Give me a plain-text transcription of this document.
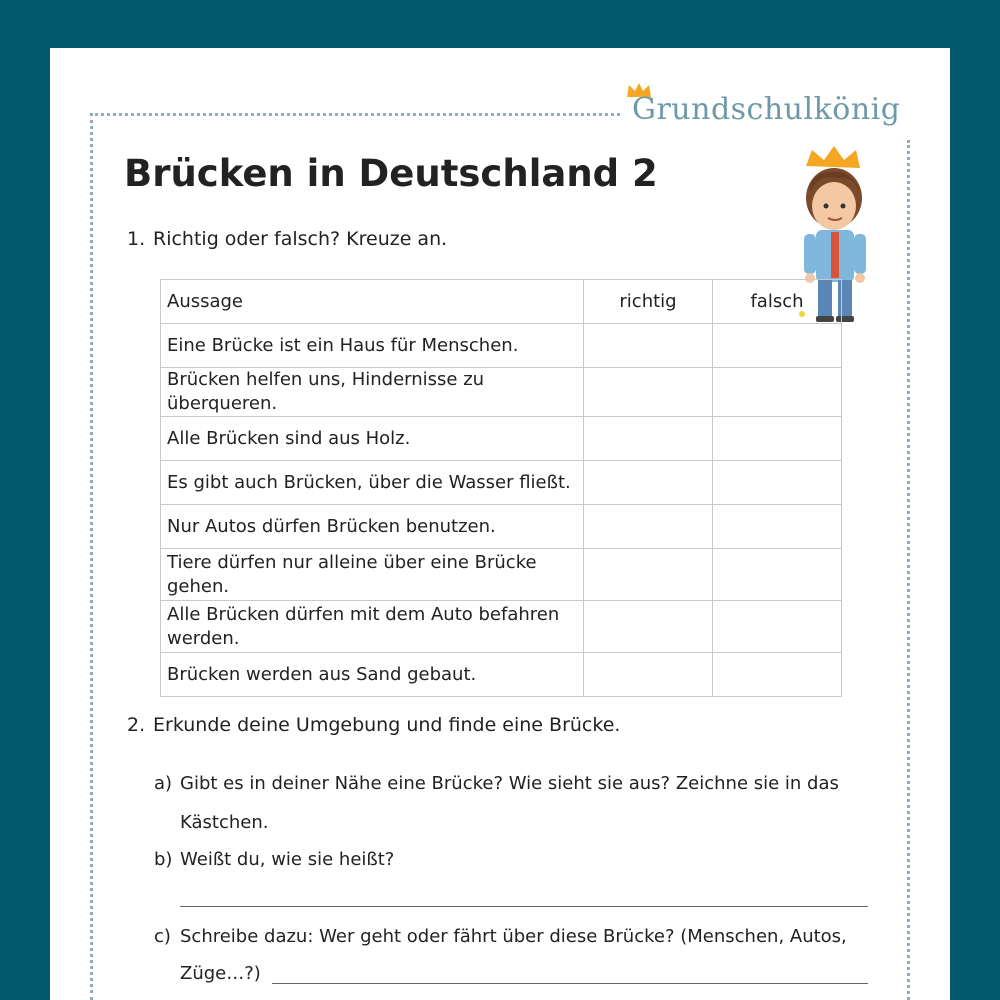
Grundschulkönig
Brücken in Deutschland 2
1. Richtig oder falsch? Kreuze an.
Aussage	richtig	falsch
Eine Brücke ist ein Haus für Menschen.		
Brücken helfen uns, Hindernisse zu überqueren.		
Alle Brücken sind aus Holz.		
Es gibt auch Brücken, über die Wasser fließt.		
Nur Autos dürfen Brücken benutzen.		
Tiere dürfen nur alleine über eine Brücke gehen.		
Alle Brücken dürfen mit dem Auto befahren werden.		
Brücken werden aus Sand gebaut.		
2. Erkunde deine Umgebung und finde eine Brücke.
a) Gibt es in deiner Nähe eine Brücke? Wie sieht sie aus? Zeichne sie in das
Kästchen.
b) Weißt du, wie sie heißt?
c) Schreibe dazu: Wer geht oder fährt über diese Brücke? (Menschen, Autos,
Züge…?)
